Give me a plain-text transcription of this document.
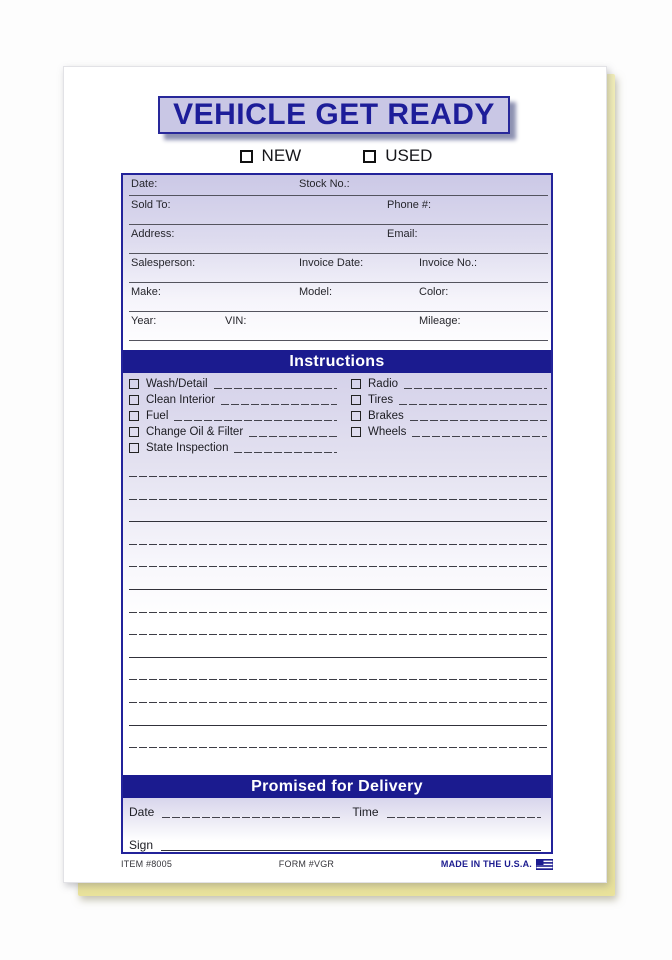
VEHICLE GET READY
NEW	USED
Date:	Stock No.:
Sold To:	Phone #:
Address:	Email:
Salesperson:	Invoice Date:	Invoice No.:
Make:	Model:	Color:
Year:	VIN:	Mileage:
Instructions
Wash/Detail
Clean Interior
Fuel
Change Oil & Filter
State Inspection
Radio
Tires
Brakes
Wheels
Promised for Delivery
Date	Time
Sign
ITEM #8005	FORM #VGR	MADE IN THE U.S.A.
